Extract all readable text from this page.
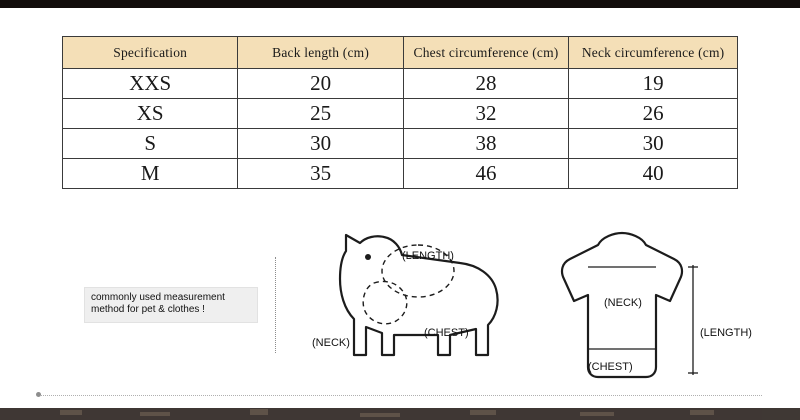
Specification	Back length (cm)	Chest circumference (cm)	Neck circumference (cm)
XXS	20	28	19
XS	25	32	26
S	30	38	30
M	35	46	40
commonly used measurement method for pet & clothes !
(LENGTH)
(NECK)
(CHEST)
(NECK)
(CHEST)
(LENGTH)
